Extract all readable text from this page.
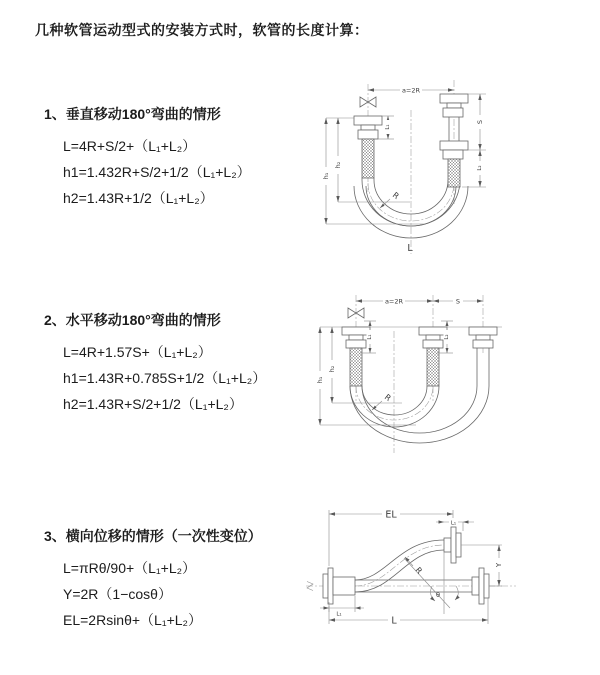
几种软管运动型式的安装方式时，软管的长度计算：
1、垂直移动180°弯曲的情形

L=4R+S/2+（L₁+L₂）

h1=1.432R+S/2+1/2（L₁+L₂）

h2=1.43R+1/2（L₁+L₂）

2、水平移动180°弯曲的情形

L=4R+1.57S+（L₁+L₂）

h1=1.43R+0.785S+1/2（L₁+L₂）

h2=1.43R+S/2+1/2（L₁+L₂）

3、横向位移的情形（一次性变位）

L=πRθ/90+（L₁+L₂）

Y=2R（1−cosθ）

EL=2Rsinθ+（L₁+L₂）

a=2R
h₁
h₂
L₁
S
L₂
R
L
a=2R	S
h₁
h₂
L₁	L₂
R
θ
R
EL
L₁
Y
L₁
L
